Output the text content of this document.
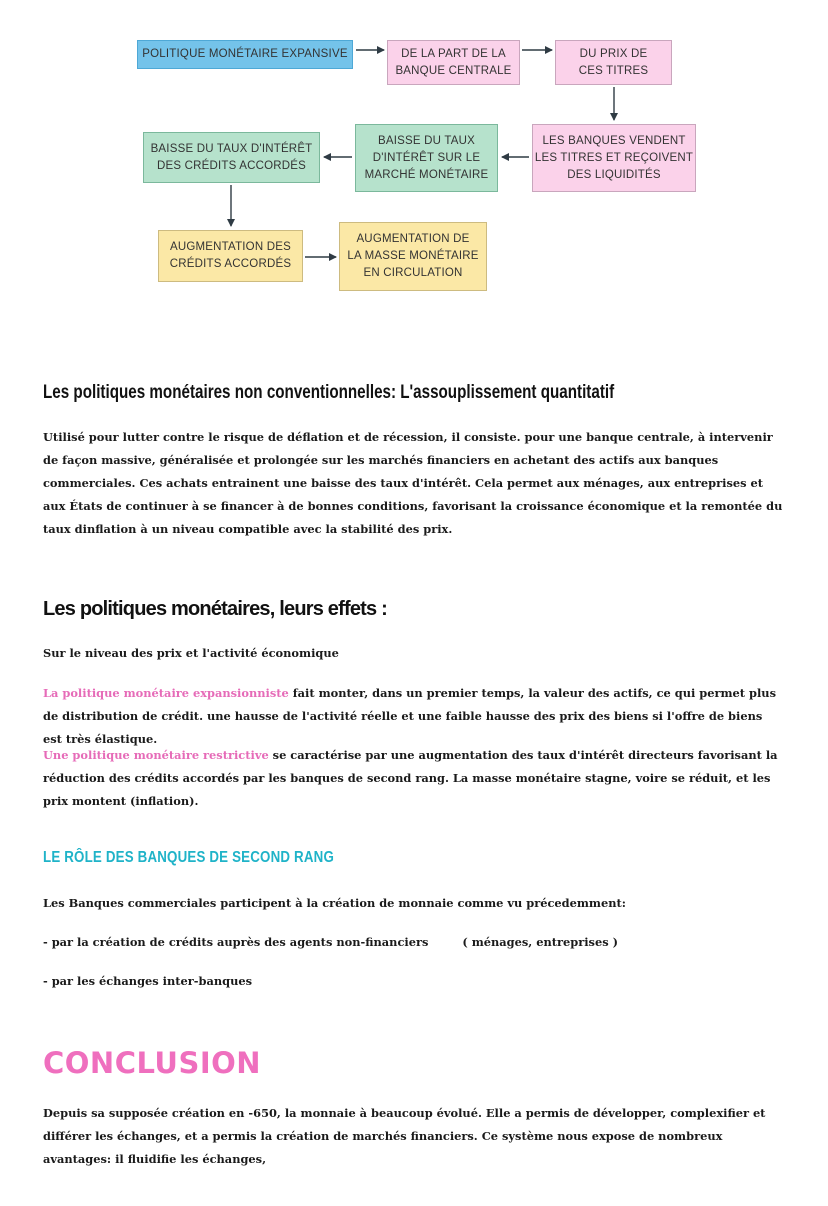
POLITIQUE MONÉTAIRE EXPANSIVE	DE LA PART DE LA
BANQUE CENTRALE
DU PRIX DE
CES TITRES
LES BANQUES VENDENT
LES TITRES ET REÇOIVENT
DES LIQUIDITÉS
BAISSE DU TAUX
D'INTÉRÊT SUR LE
MARCHÉ MONÉTAIRE
BAISSE DU TAUX D'INTÉRÊT
DES CRÉDITS ACCORDÉS
AUGMENTATION DES
CRÉDITS ACCORDÉS
AUGMENTATION DE
LA MASSE MONÉTAIRE
EN CIRCULATION
Les politiques monétaires non conventionnelles: L'assouplissement quantitatif

Utilisé pour lutter contre le risque de déflation et de récession, il consiste. pour une banque centrale, à intervenir de façon massive, généralisée et prolongée sur les marchés financiers en achetant des actifs aux banques commerciales. Ces achats entrainent une baisse des taux d'intérêt. Cela permet aux ménages, aux entreprises et aux États de continuer à se financer à de bonnes conditions, favorisant la croissance économique et la remontée du taux dinflation à un niveau compatible avec la stabilité des prix.

Les politiques monétaires, leurs effets :

Sur le niveau des prix et l'activité économique

La politique monétaire expansionniste fait monter, dans un premier temps, la valeur des actifs, ce qui permet plus de distribution de crédit. une hausse de l'activité réelle et une faible hausse des prix des biens si l'offre de biens est très élastique.

Une politique monétaire restrictive se caractérise par une augmentation des taux d'intérêt directeurs favorisant la réduction des crédits accordés par les banques de second rang. La masse monétaire stagne, voire se réduit, et les prix montent (inflation).

LE RÔLE DES BANQUES DE SECOND RANG

Les Banques commerciales participent à la création de monnaie comme vu précedemment:

- par la création de crédits auprès des agents non-financiers	( ménages, entreprises )

- par les échanges inter-banques

CONCLUSION

Depuis sa supposée création en -650, la monnaie à beaucoup évolué. Elle a permis de développer, complexifier et différer les échanges, et a permis la création de marchés financiers. Ce système nous expose de nombreux avantages: il fluidifie les échanges,
